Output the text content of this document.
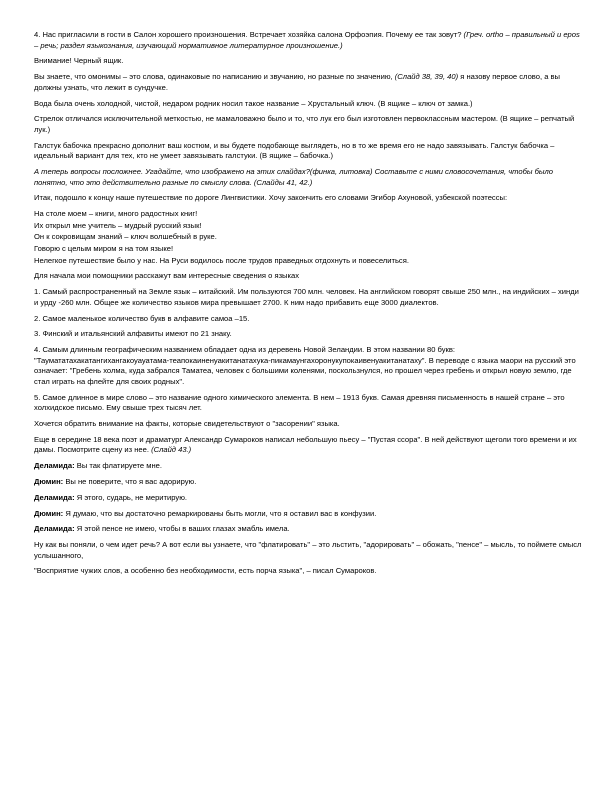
4. Нас пригласили в гости в Салон хорошего произношения. Встречает хозяйка салона Орфоэпия. Почему ее так зовут? (Греч. ortho – правильный и epos – речь; раздел языкознания, изучающий нормативное литературное произношение.)

Внимание! Черный ящик.

Вы знаете, что омонимы – это слова, одинаковые по написанию и звучанию, но разные по значению, (Слайд 38, 39, 40) я назову первое слово, а вы должны узнать, что лежит в сундучке.

Вода была очень холодной, чистой, недаром родник носил такое название – Хрустальный ключ. (В ящике – ключ от замка.)

Стрелок отличался исключительной меткостью, не мамаловажно было и то, что лук его был изготовлен первоклассным мастером. (В ящике – репчатый лук.)

Галстук бабочка прекрасно дополнит ваш костюм, и вы будете подобающе выглядеть, но в то же время его не надо завязывать. Галстук бабочка – идеальный вариант для тех, кто не умеет завязывать галстуки. (В ящике – бабочка.)

А теперь вопросы посложнее. Угадайте, что изображено на этих слайдах?(финка, литовка) Составьте с ними словосочетания, чтобы было понятно, что это действительно разные по смыслу слова. (Слайды 41, 42.)

Итак, подошло к концу наше путешествие по дороге Лингвистики. Хочу закончить его словами Эгибор Ахуновой, узбекской поэтессы:

На столе моем – книги, много радостных книг!

Их открыл мне учитель – мудрый русский язык!

Он к сокровищам знаний – ключ волшебный в руке.

Говорю с целым миром я на том языке!

Нелегкое путешествие было у нас. На Руси водилось после трудов праведных отдохнуть и повеселиться.

Для начала мои помощники расскажут вам интересные сведения о языках

1. Самый распространенный на Земле язык – китайский. Им пользуются 700 млн. человек. На английском говорят свыше 250 млн., на индийских – хинди и урду -260 млн. Общее же количество языков мира превышает 2700. К ним надо прибавить еще 3000 диалектов.

2. Самое маленькое количество букв в алфавите самоа –15.

3. Финский и итальянский алфавиты имеют по 21 знаку.

4. Самым длинным географическим названием обладает одна из деревень Новой Зеландии. В этом названии 80 букв: "Таумататахакатангихангакоуауатама-теапокаиненуакитанатахука-пикамаунгахоронукупокаивенуакитанатаху". В переводе с языка маори на русский это означает: "Гребень холма, куда забрался Таматеа, человек с большими коленями, поскользнулся, но прошел через гребень и открыл новую землю, где стал играть на флейте для своих родных".

5. Самое длинное в мире слово – это название одного химического элемента. В нем – 1913 букв. Самая древняя письменность в нашей стране – это холхидское письмо. Ему свыше трех тысяч лет.

Хочется обратить внимание на факты, которые свидетельствуют о "засорении" языка.

Еще в середине 18 века поэт и драматург Александр Сумароков написал небольшую пьесу – "Пустая ссора". В ней действуют щеголи того времени и их дамы. Посмотрите сцену из нее. (Слайд 43.)

Деламида: Вы так флатируете мне.

Дюмин: Вы не поверите, что я вас адорирую.

Деламида: Я этого, сударь, не меритирую.

Дюмин: Я думаю, что вы достаточно ремаркированы быть могли, что я оставил вас в конфузии.

Деламида: Я этой пенсе не имею, чтобы в ваших глазах эмабль имела.

Ну как вы поняли, о чем идет речь? А вот если вы узнаете, что "флатировать" – это льстить, "адорировать" – обожать, "пенсе" – мысль, то поймете смысл услышанного,

"Восприятие чужих слов, а особенно без необходимости, есть порча языка", – писал Сумароков.
